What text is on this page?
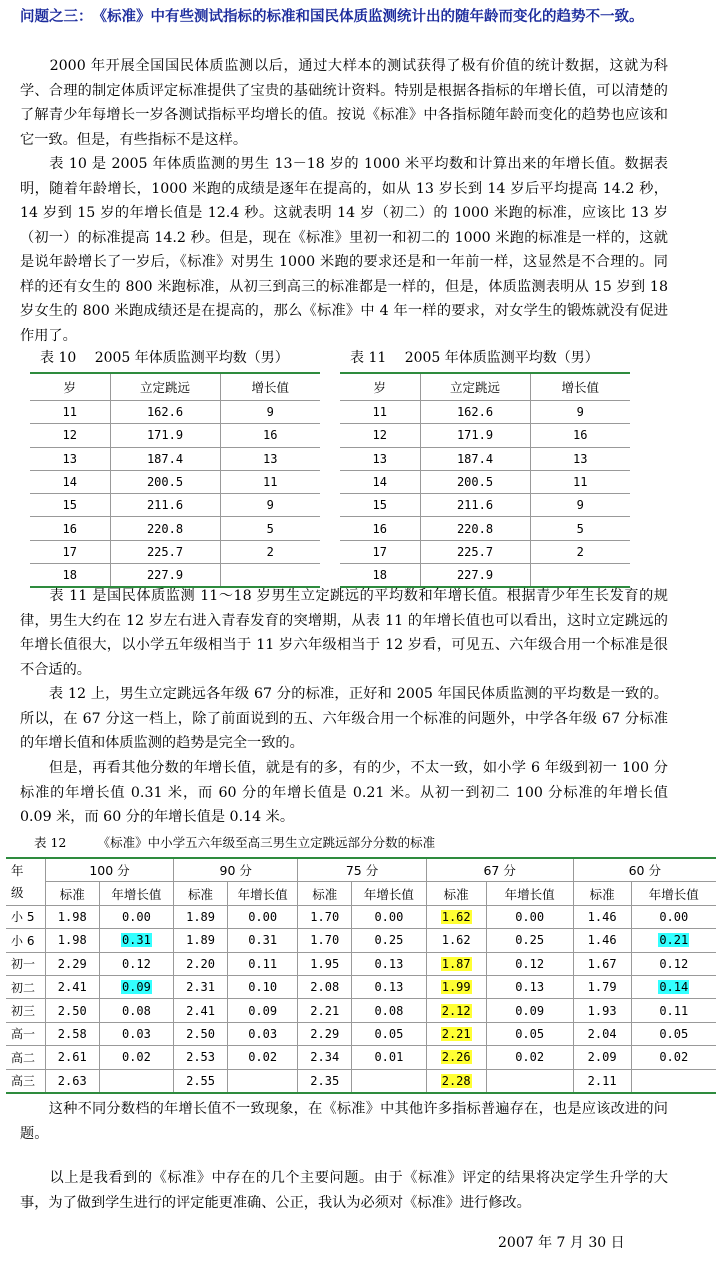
问题之三：　《标准》中有些测试指标的标准和国民体质监测统计出的随年龄而变化的趋势不一致。

　　2000 年开展全国国民体质监测以后，通过大样本的测试获得了极有价值的统计数据，这就为科学、合理的制定体质评定标准提供了宝贵的基础统计资料。特别是根据各指标的年增长值，可以清楚的了解青少年每增长一岁各测试指标平均增长的值。按说《标准》中各指标随年龄而变化的趋势也应该和它一致。但是，有些指标不是这样。

　　表 10 是 2005 年体质监测的男生 13－18 岁的 1000 米平均数和计算出来的年增长值。数据表明，随着年龄增长，1000 米跑的成绩是逐年在提高的，如从 13 岁长到 14 岁后平均提高 14.2 秒，14 岁到 15 岁的年增长值是 12.4 秒。这就表明 14 岁（初二）的 1000 米跑的标准，应该比 13 岁（初一）的标准提高 14.2 秒。但是，现在《标准》里初一和初二的 1000 米跑的标准是一样的，这就是说年龄增长了一岁后，《标准》对男生 1000 米跑的要求还是和一年前一样，这显然是不合理的。同样的还有女生的 800 米跑标准，从初三到高三的标准都是一样的，但是，体质监测表明从 15 岁到 18 岁女生的 800 米跑成绩还是在提高的，那么《标准》中 4 年一样的要求，对女学生的锻炼就没有促进作用了。

表 10　 2005 年体质监测平均数（男）	表 11　 2005 年体质监测平均数（男）
岁	立定跳远	增长值
11	162.6	9
12	171.9	16
13	187.4	13
14	200.5	11
15	211.6	9
16	220.8	5
17	225.7	2
18	227.9	
岁	立定跳远	增长值
11	162.6	9
12	171.9	16
13	187.4	13
14	200.5	11
15	211.6	9
16	220.8	5
17	225.7	2
18	227.9	

　　表 11 是国民体质监测 11～18 岁男生立定跳远的平均数和年增长值。根据青少年生长发育的规律，男生大约在 12 岁左右进入青春发育的突增期，从表 11 的年增长值也可以看出，这时立定跳远的年增长值很大，以小学五年级相当于 11 岁六年级相当于 12 岁看，可见五、六年级合用一个标准是很不合适的。

　　表 12 上，男生立定跳远各年级 67 分的标准，正好和 2005 年国民体质监测的平均数是一致的。所以，在 67 分这一档上，除了前面说到的五、六年级合用一个标准的问题外，中学各年级 67 分标准的年增长值和体质监测的趋势是完全一致的。

　　但是，再看其他分数的年增长值，就是有的多，有的少，不太一致，如小学 6 年级到初一 100 分标准的年增长值 0.31 米，而 60 分的年增长值是 0.21 米。从初一到初二 100 分标准的年增长值 0.09 米，而 60 分的年增长值是 0.14 米。

表 12　　　《标准》中小学五六年级至高三男生立定跳远部分分数的标准
年
级	100 分		90 分		75 分		67 分		60 分	
	标准	年增长值	标准	年增长值	标准	年增长值	标准	年增长值	标准	年增长值
小 5	1.98	0.00	1.89	0.00	1.70	0.00	1.62	0.00	1.46	0.00
小 6	1.98	0.31	1.89	0.31	1.70	0.25	1.62	0.25	1.46	0.21
初一	2.29	0.12	2.20	0.11	1.95	0.13	1.87	0.12	1.67	0.12
初二	2.41	0.09	2.31	0.10	2.08	0.13	1.99	0.13	1.79	0.14
初三	2.50	0.08	2.41	0.09	2.21	0.08	2.12	0.09	1.93	0.11
高一	2.58	0.03	2.50	0.03	2.29	0.05	2.21	0.05	2.04	0.05
高二	2.61	0.02	2.53	0.02	2.34	0.01	2.26	0.02	2.09	0.02
高三	2.63		2.55		2.35		2.28		2.11	

　　这种不同分数档的年增长值不一致现象，在《标准》中其他许多指标普遍存在，也是应该改进的问题。

　　以上是我看到的《标准》中存在的几个主要问题。由于《标准》评定的结果将决定学生升学的大事，为了做到学生进行的评定能更准确、公正，我认为必须对《标准》进行修改。

2007 年 7 月 30 日
